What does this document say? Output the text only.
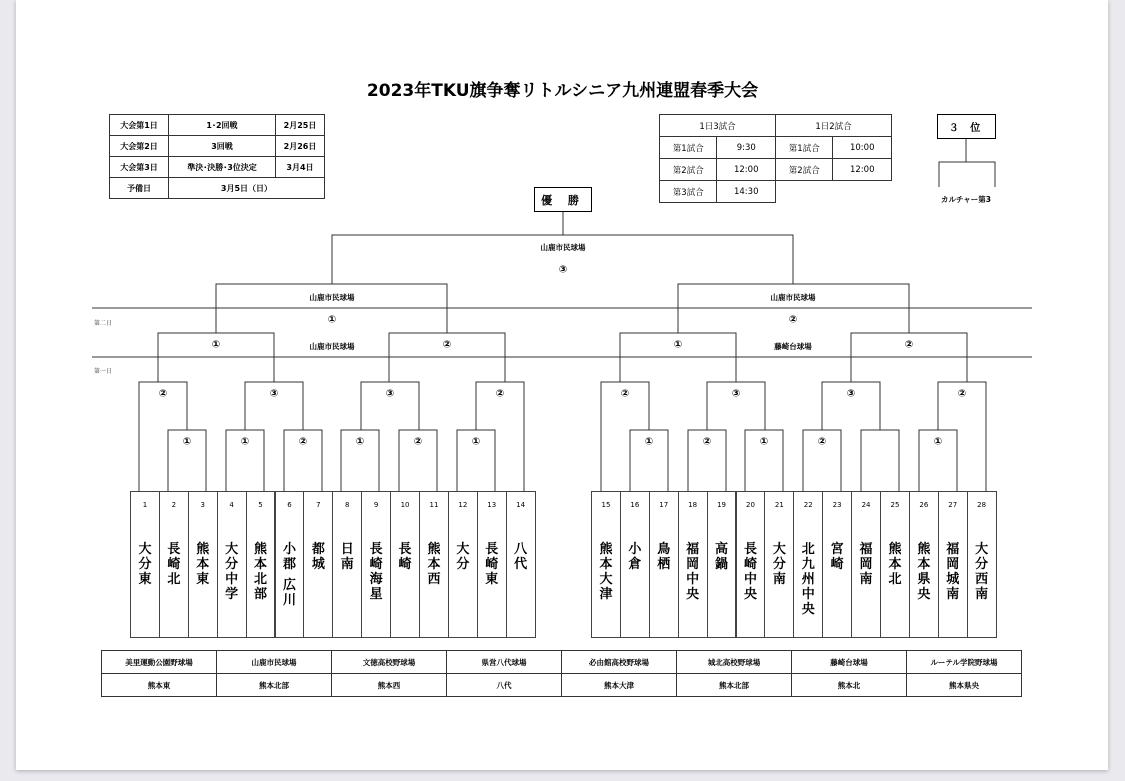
2023年TKU旗争奪リトルシニア九州連盟春季大会
大会第1日	1･2回戦	2月25日
大会第2日	3回戦	2月26日
大会第3日	準決･決勝･3位決定	3月4日
予備日	3月5日（日）	
1日3試合		1日2試合	
第1試合	9:30	第1試合	10:00
第2試合	12:00	第2試合	12:00
第3試合	14:30		
優 勝
３ 位
カルチャー第3
山鹿市民球場
③
山鹿市民球場
①
山鹿市民球場
②
第二日
第一日
①	山鹿市民球場	②	①	藤崎台球場	②
②	③	③	②	②	③	③	②
①	①	②	①	②	①	①	②	①	②	①
美里運動公園野球場	山鹿市民球場	文徳高校野球場	県営八代球場	必由館高校野球場	城北高校野球場	藤崎台球場	ルーテル学院野球場
熊本東	熊本北部	熊本西	八代	熊本大津	熊本北部	熊本北	熊本県央
1
大
分
東
2
長
崎
北
3
熊
本
東
4
大
分
中
学
5
熊
本
北
部
6
小
郡
広
川
7
都
城
8
日
南
9
長
崎
海
星
10
長
崎
11
熊
本
西
12
大
分
13
長
崎
東
14
八
代
15
熊
本
大
津
16
小
倉
17
鳥
栖
18
福
岡
中
央
19
高
鍋
20
長
崎
中
央
21
大
分
南
22
北
九
州
中
央
23
宮
崎
24
福
岡
南
25
熊
本
北
26
熊
本
県
央
27
福
岡
城
南
28
大
分
西
南
